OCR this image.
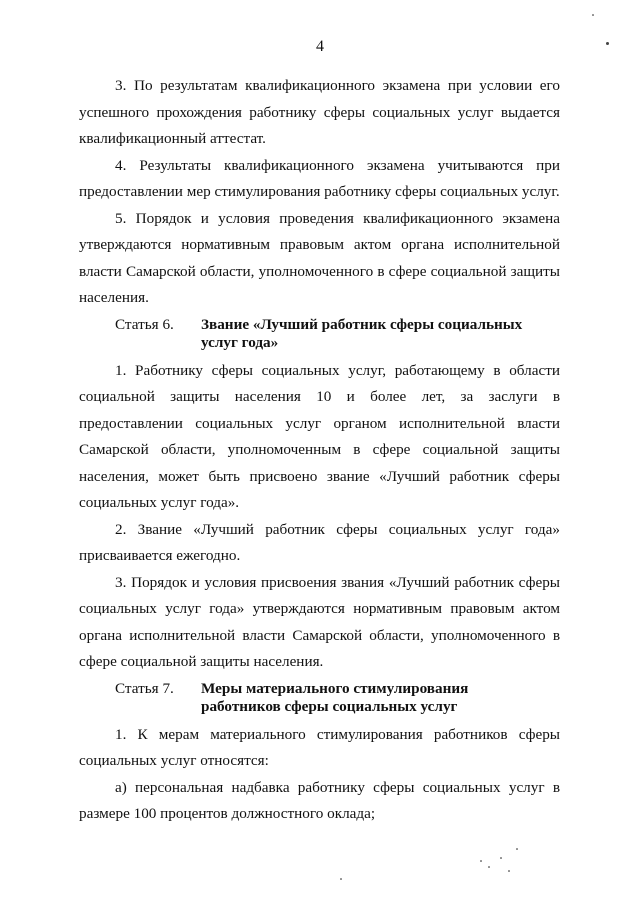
4

3. По результатам квалификационного экзамена при условии его успешного прохождения работнику сферы социальных услуг выдается квалификационный аттестат.

4. Результаты квалификационного экзамена учитываются при предоставлении мер стимулирования работнику сферы социальных услуг.

5. Порядок и условия проведения квалификационного экзамена утверждаются нормативным правовым актом органа исполнительной власти Самарской области, уполномоченного в сфере социальной защиты населения.

Статья 6.	Звание «Лучший работник сферы социальных услуг года»

1. Работнику сферы социальных услуг, работающему в области социальной защиты населения 10 и более лет, за заслуги в предоставлении социальных услуг органом исполнительной власти Самарской области, уполномоченным в сфере социальной защиты населения, может быть присвоено звание «Лучший работник сферы социальных услуг года».

2. Звание «Лучший работник сферы социальных услуг года» присваивается ежегодно.

3. Порядок и условия присвоения звания «Лучший работник сферы социальных услуг года» утверждаются нормативным правовым актом органа исполнительной власти Самарской области, уполномоченного в сфере социальной защиты населения.

Статья 7.	Меры материального стимулирования работников сферы социальных услуг

1. К мерам материального стимулирования работников сферы социальных услуг относятся:

а) персональная надбавка работнику сферы социальных услуг в размере 100 процентов должностного оклада;
